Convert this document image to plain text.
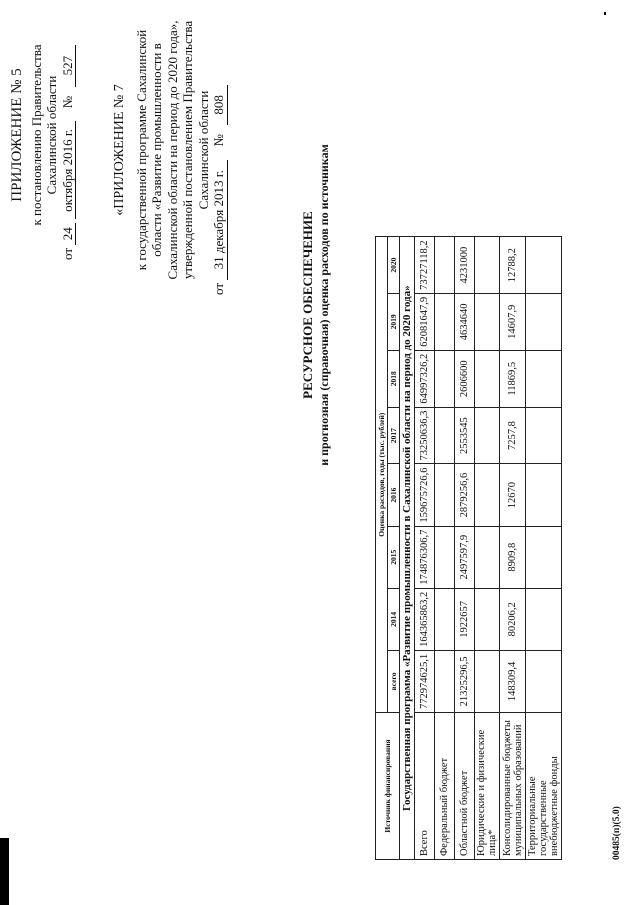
ПРИЛОЖЕНИЕ № 5 к постановлению Правительства Сахалинской области
от 24 октября 2016 г. № 527
«ПРИЛОЖЕНИЕ № 7 к государственной программе Сахалинской области «Развитие промышленности в Сахалинской области на период до 2020 года», утвержденной постановлением Правительства Сахалинской области
от 31 декабря 2013 г. № 808
РЕСУРСНОЕ ОБЕСПЕЧЕНИЕ и прогнозная (справочная) оценка расходов по источникам
Источник финансирования	Оценка расходов, годы (тыс. рублей)							
	всего	2014	2015	2016	2017	2018	2019	2020
Государственная программа «Развитие промышленности в Сахалинской области на период до 2020 года»								
Всего	772974625,1	164365863,2	174876306,7	159675726,6	73250636,3	64997326,2	62081647,9	73727118,2
Федеральный бюджет								
Областной бюджет	21325296,5	1922657	2497597,9	2879256,6	2553545	2606600	4634640	4231000
Юридические и физические лица*								
Консолидированные бюджеты муниципальных образований	148309,4	80206,2	8909,8	12670	7257,8	11869,5	14607,9	12788,2
Территориальные государственные внебюджетные фонды									00485(п)(5.0)
